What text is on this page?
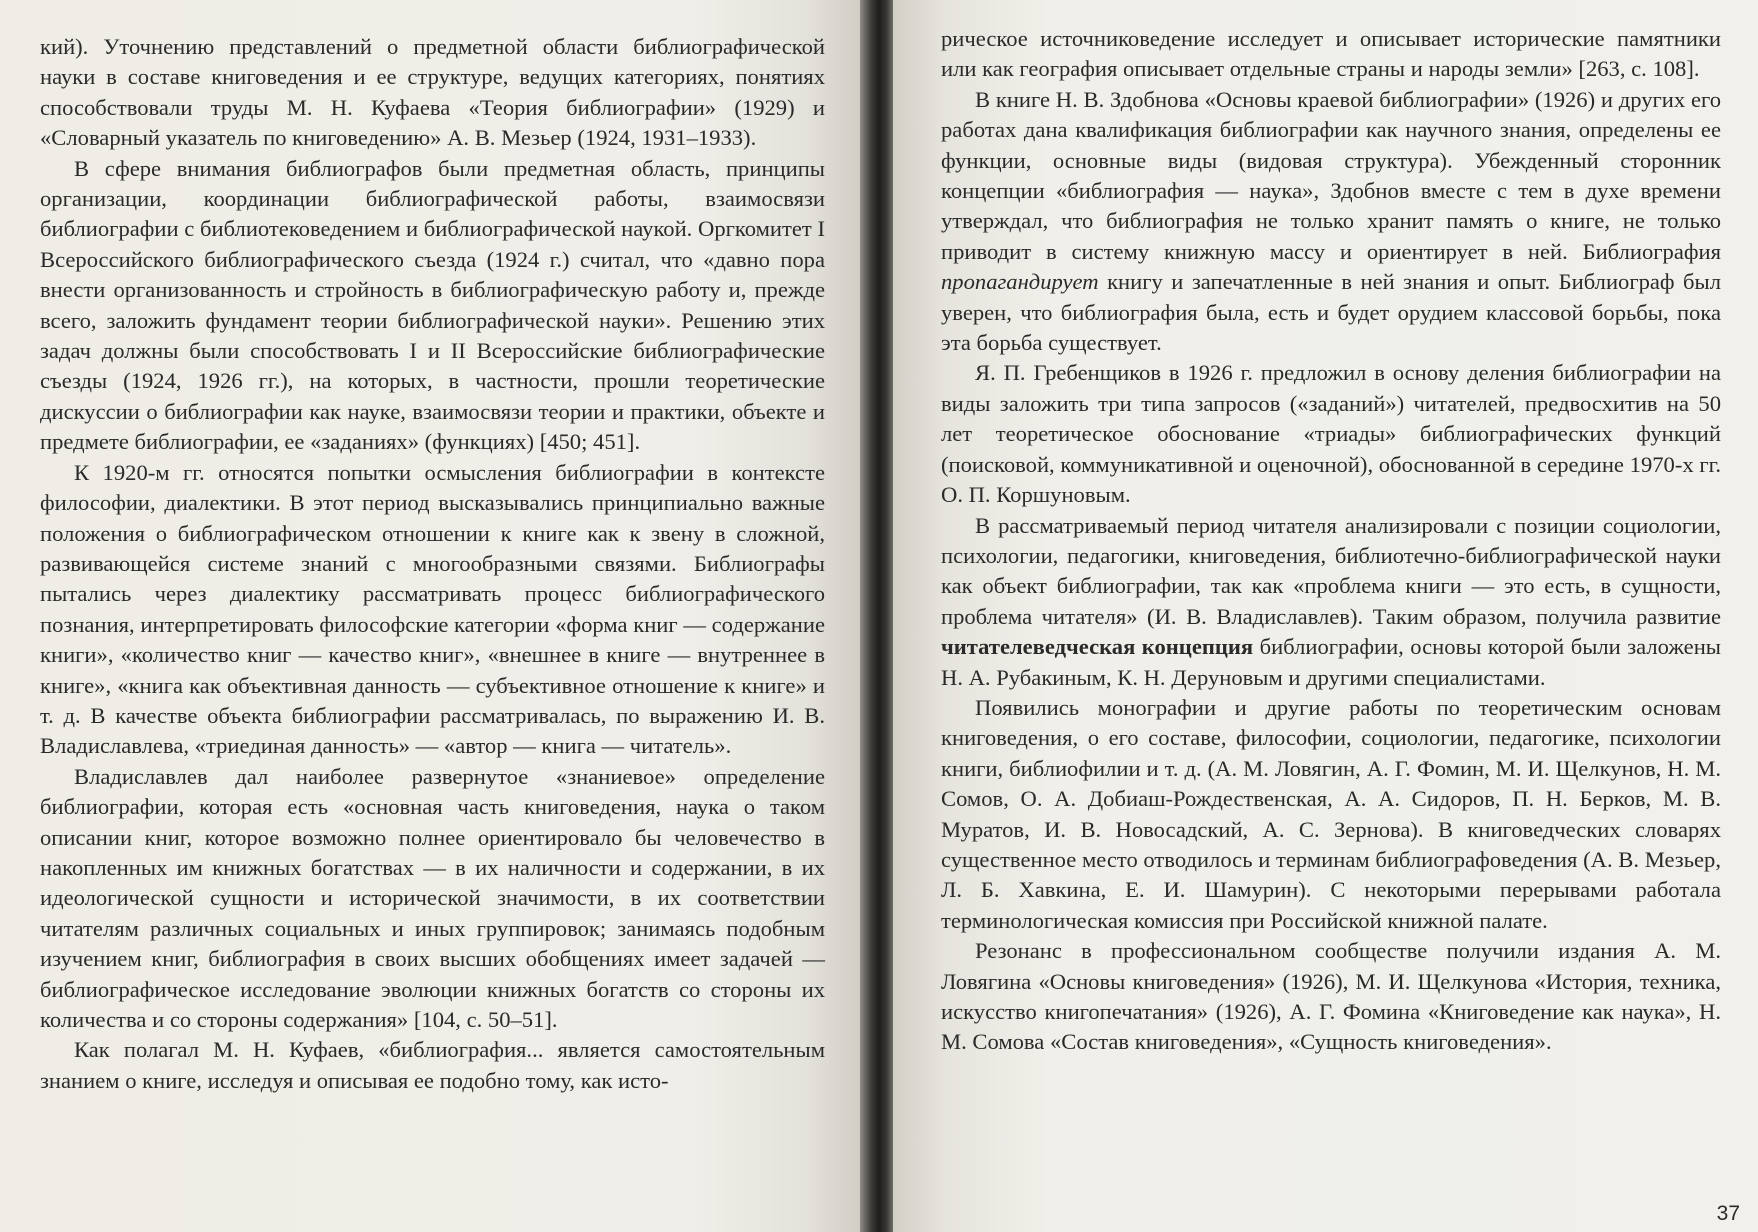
кий). Уточнению представлений о предметной области библиографической науки в составе книговедения и ее структуре, ведущих категориях, понятиях способствовали труды М. Н. Куфаева «Теория библиографии» (1929) и «Словарный указатель по книговедению» А. В. Мезьер (1924, 1931–1933).

В сфере внимания библиографов были предметная область, принципы организации, координации библиографической работы, взаимосвязи библиографии с библиотековедением и библиографической наукой. Оргкомитет I Всероссийского библиографического съезда (1924 г.) считал, что «давно пора внести организованность и стройность в библиографическую работу и, прежде всего, заложить фундамент теории библиографической науки». Решению этих задач должны были способствовать I и II Всероссийские библиографические съезды (1924, 1926 гг.), на которых, в частности, прошли теоретические дискуссии о библиографии как науке, взаимосвязи теории и практики, объекте и предмете библиографии, ее «заданиях» (функциях) [450; 451].

К 1920-м гг. относятся попытки осмысления библиографии в контексте философии, диалектики. В этот период высказывались принципиально важные положения о библиографическом отношении к книге как к звену в сложной, развивающейся системе знаний с многообразными связями. Библиографы пытались через диалектику рассматривать процесс библиографического познания, интерпретировать философские категории «форма книг — содержание книги», «количество книг — качество книг», «внешнее в книге — внутреннее в книге», «книга как объективная данность — субъективное отношение к книге» и т. д. В качестве объекта библиографии рассматривалась, по выражению И. В. Владиславлева, «триединая данность» — «автор — книга — читатель».

Владиславлев дал наиболее развернутое «знаниевое» определение библиографии, которая есть «основная часть книговедения, наука о таком описании книг, которое возможно полнее ориентировало бы человечество в накопленных им книжных богатствах — в их наличности и содержании, в их идеологической сущности и исторической значимости, в их соответствии читателям различных социальных и иных группировок; занимаясь подобным изучением книг, библиография в своих высших обобщениях имеет задачей — библиографическое исследование эволюции книжных богатств со стороны их количества и со стороны содержания» [104, с. 50–51].

Как полагал М. Н. Куфаев, «библиография... является самостоятельным знанием о книге, исследуя и описывая ее подобно тому, как исто-

рическое источниковедение исследует и описывает исторические памятники или как география описывает отдельные страны и народы земли» [263, с. 108].

В книге Н. В. Здобнова «Основы краевой библиографии» (1926) и других его работах дана квалификация библиографии как научного знания, определены ее функции, основные виды (видовая структура). Убежденный сторонник концепции «библиография — наука», Здобнов вместе с тем в духе времени утверждал, что библиография не только хранит память о книге, не только приводит в систему книжную массу и ориентирует в ней. Библиография пропагандирует книгу и запечатленные в ней знания и опыт. Библиограф был уверен, что библиография была, есть и будет орудием классовой борьбы, пока эта борьба существует.

Я. П. Гребенщиков в 1926 г. предложил в основу деления библиографии на виды заложить три типа запросов («заданий») читателей, предвосхитив на 50 лет теоретическое обоснование «триады» библиографических функций (поисковой, коммуникативной и оценочной), обоснованной в середине 1970-х гг. О. П. Коршуновым.

В рассматриваемый период читателя анализировали с позиции социологии, психологии, педагогики, книговедения, библиотечно-библиографической науки как объект библиографии, так как «проблема книги — это есть, в сущности, проблема читателя» (И. В. Владиславлев). Таким образом, получила развитие читателеведческая концепция библиографии, основы которой были заложены Н. А. Рубакиным, К. Н. Деруновым и другими специалистами.

Появились монографии и другие работы по теоретическим основам книговедения, о его составе, философии, социологии, педагогике, психологии книги, библиофилии и т. д. (А. М. Ловягин, А. Г. Фомин, М. И. Щелкунов, Н. М. Сомов, О. А. Добиаш-Рождественская, А. А. Сидоров, П. Н. Берков, М. В. Муратов, И. В. Новосадский, А. С. Зернова). В книговедческих словарях существенное место отводилось и терминам библиографоведения (А. В. Мезьер, Л. Б. Хавкина, Е. И. Шамурин). С некоторыми перерывами работала терминологическая комиссия при Российской книжной палате.

Резонанс в профессиональном сообществе получили издания А. М. Ловягина «Основы книговедения» (1926), М. И. Щелкунова «История, техника, искусство книгопечатания» (1926), А. Г. Фомина «Книговедение как наука», Н. М. Сомова «Состав книговедения», «Сущность книговедения».

37
